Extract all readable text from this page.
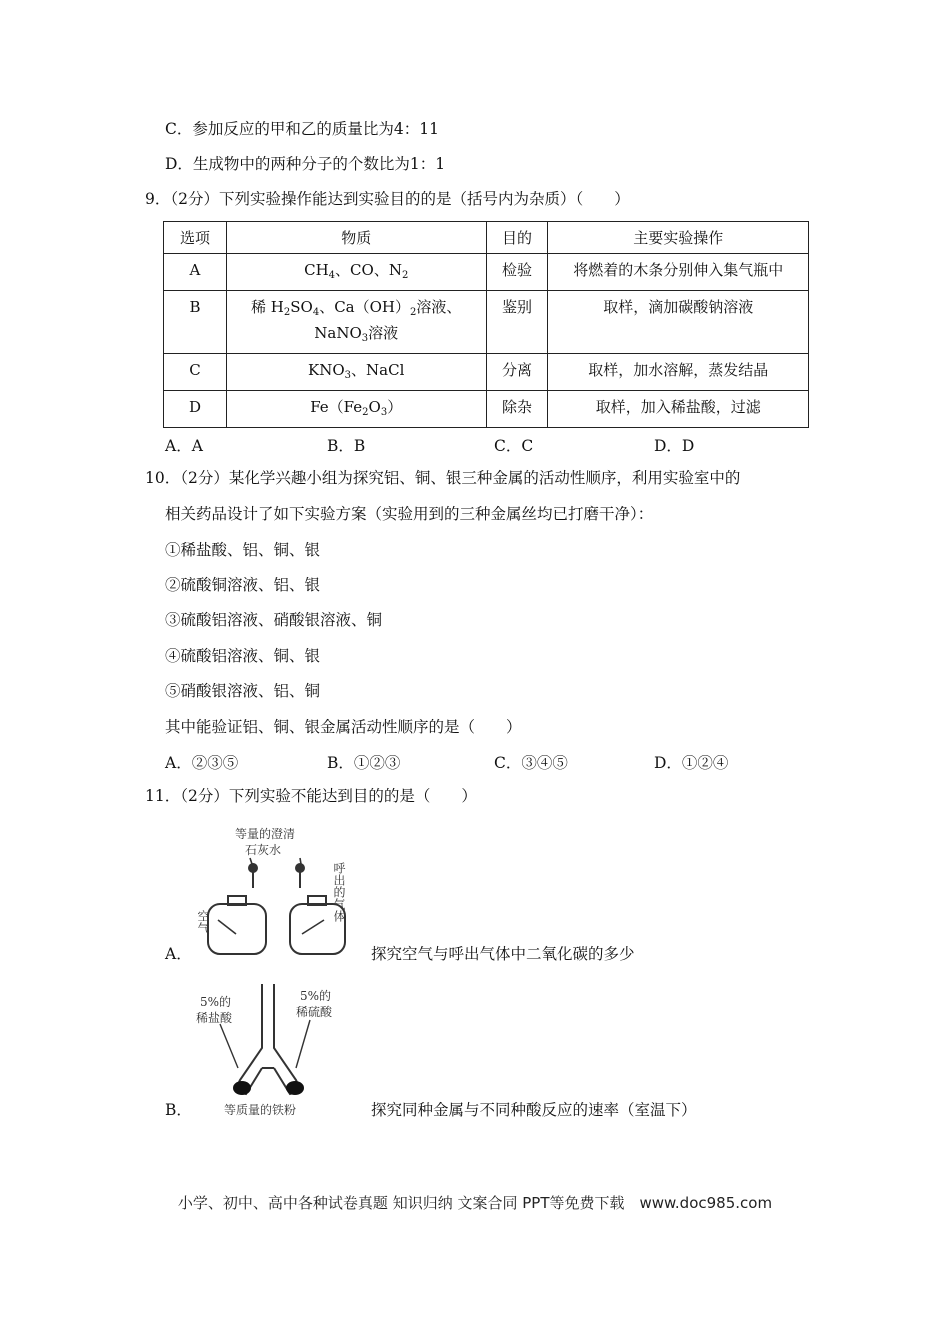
C．参加反应的甲和乙的质量比为4：11
D．生成物中的两种分子的个数比为1：1
9．（2分）下列实验操作能达到实验目的的是（括号内为杂质）（　　）
选项	物质	目的	主要实验操作
A	$CH_4$、CO、$N_2$	检验	将燃着的木条分别伸入集气瓶中
B	稀 $H_2SO_4$、$Ca(OH)_2$溶液、
NaNO$_3$溶液	鉴别	取样，滴加碳酸钠溶液
C	$KNO_3$、NaCl	分离	取样，加水溶解，蒸发结晶
D	$Fe(Fe_2O_3)$	除杂	取样，加入稀盐酸，过滤
A．A	B．B	C．C	D．D
10．（2分）某化学兴趣小组为探究铝、铜、银三种金属的活动性顺序，利用实验室中的
相关药品设计了如下实验方案（实验用到的三种金属丝均已打磨干净）：
①稀盐酸、铝、铜、银
②硫酸铜溶液、铝、银
③硫酸铝溶液、硝酸银溶液、铜
④硫酸铝溶液、铜、银
⑤硝酸银溶液、铝、铜
其中能验证铝、铜、银金属活动性顺序的是（　　）
A．②③⑤	B．①②③	C．③④⑤	D．①②④
11．（2分）下列实验不能达到目的的是（　　）
等量的澄清
石灰水
呼出的气体
空气
A．	探究空气与呼出气体中二氧化碳的多少
5%的
稀盐酸
5%的
稀硫酸
等质量的铁粉
B．	探究同种金属与不同种酸反应的速率（室温下）
小学、初中、高中各种试卷真题 知识归纳 文案合同 PPT等免费下载　www.doc985.com
